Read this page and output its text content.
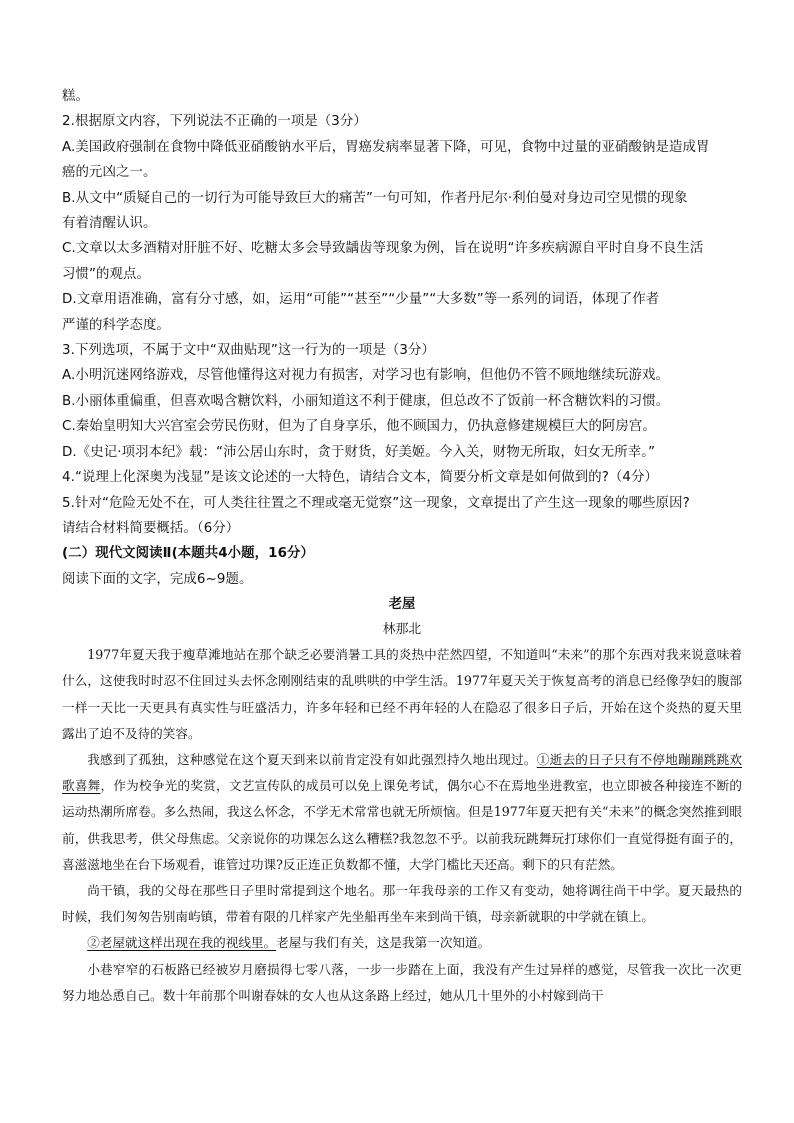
糕。
2.根据原文内容，下列说法不正确的一项是（3分）
A.美国政府强制在食物中降低亚硝酸钠水平后，胃癌发病率显著下降，可见，食物中过量的亚硝酸钠是造成胃
癌的元凶之一。
B.从文中“质疑自己的一切行为可能导致巨大的痛苦”一句可知，作者丹尼尔·利伯曼对身边司空见惯的现象
有着清醒认识。
C.文章以太多酒精对肝脏不好、吃糖太多会导致龋齿等现象为例，旨在说明“许多疾病源自平时自身不良生活
习惯”的观点。
D.文章用语准确，富有分寸感，如，运用“可能”“甚至”“少量”“大多数”等一系列的词语，体现了作者
严谨的科学态度。
3.下列选项，不属于文中“双曲贴现”这一行为的一项是（3分）
A.小明沉迷网络游戏，尽管他懂得这对视力有损害，对学习也有影响，但他仍不管不顾地继续玩游戏。
B.小丽体重偏重，但喜欢喝含糖饮料，小丽知道这不利于健康，但总改不了饭前一杯含糖饮料的习惯。
C.秦始皇明知大兴宫室会劳民伤财，但为了自身享乐，他不顾国力，仍执意修建规模巨大的阿房宫。
D.《史记·项羽本纪》载：“沛公居山东时，贪于财货，好美姬。今入关，财物无所取，妇女无所幸。”
4.“说理上化深奥为浅显”是该文论述的一大特色，请结合文本，简要分析文章是如何做到的?（4分）
5.针对“危险无处不在，可人类往往置之不理或毫无觉察”这一现象，文章提出了产生这一现象的哪些原因?
请结合材料简要概括。（6分）
(二）现代文阅读Ⅱ(本题共4小题，16分）
阅读下面的文字，完成6~9题。
老屋
林那北

1977年夏天我于瘦草滩地站在那个缺乏必要消暑工具的炎热中茫然四望，不知道叫“未来”的那个东西对我来说意味着什么，这使我时时忍不住回过头去怀念刚刚结束的乱哄哄的中学生活。1977年夏天关于恢复高考的消息已经像孕妇的腹部一样一天比一天更具有真实性与旺盛活力，许多年轻和已经不再年轻的人在隐忍了很多日子后，开始在这个炎热的夏天里露出了迫不及待的笑容。

我感到了孤独，这种感觉在这个夏天到来以前肯定没有如此强烈持久地出现过。①逝去的日子只有不停地蹦蹦跳跳欢歌喜舞，作为校争光的奖赏，文艺宣传队的成员可以免上课免考试，偶尔心不在焉地坐进教室，也立即被各种接连不断的运动热潮所席卷。多么热闹，我这么怀念，不学无术常常也就无所烦恼。但是1977年夏天把有关“未来”的概念突然推到眼前，供我思考，供父母焦虑。父亲说你的功课怎么这么糟糕?我忽忽不乎。以前我玩跳舞玩打球你们一直觉得挺有面子的，喜滋滋地坐在台下场观看，谁管过功课?反正连正负数都不懂，大学门槛比天还高。剩下的只有茫然。

尚干镇，我的父母在那些日子里时常提到这个地名。那一年我母亲的工作又有变动，她将调往尚干中学。夏天最热的时候，我们匆匆告别南屿镇，带着有限的几样家产先坐船再坐车来到尚干镇，母亲新就职的中学就在镇上。

②老屋就这样出现在我的视线里。老屋与我们有关，这是我第一次知道。

小巷窄窄的石板路已经被岁月磨损得七零八落，一步一步踏在上面，我没有产生过异样的感觉，尽管我一次比一次更努力地怂恿自己。数十年前那个叫谢春妹的女人也从这条路上经过，她从几十里外的小村嫁到尚干
